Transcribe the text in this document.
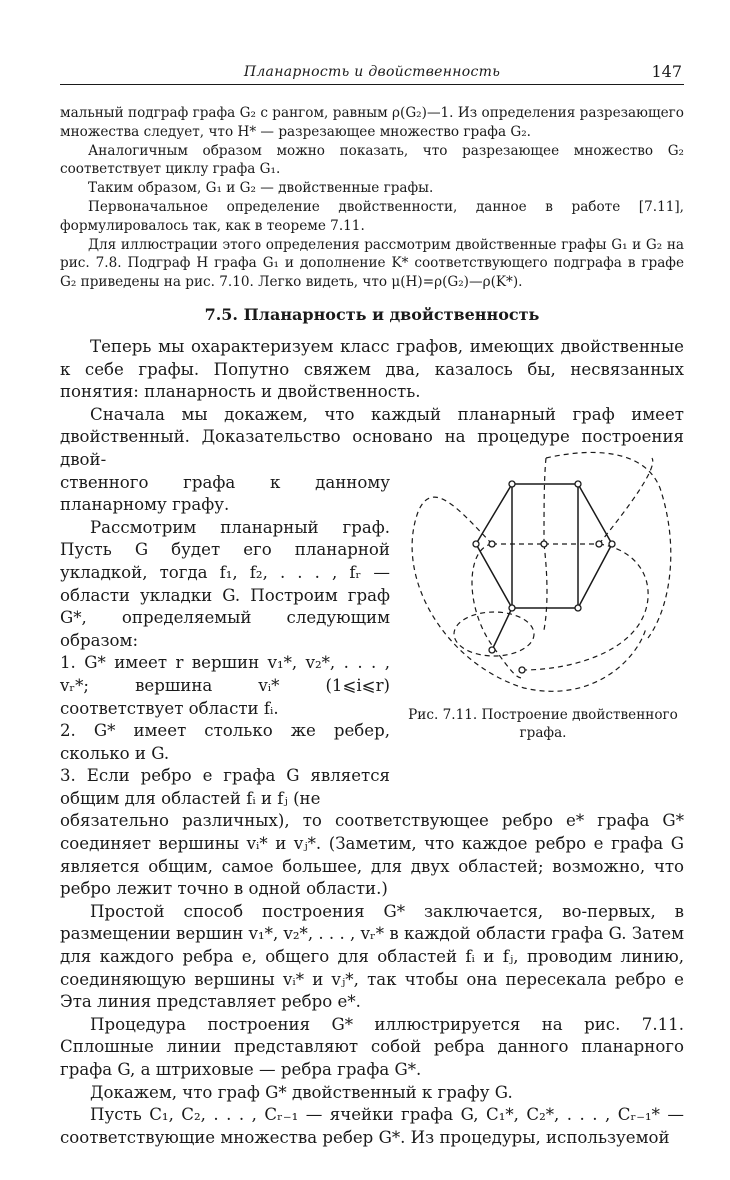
Планарность и двойственность	147

мальный подграф графа G₂ с рангом, равным ρ(G₂)—1. Из определения разрезающего множества следует, что H* — разрезающее множество графа G₂.

Аналогичным образом можно показать, что разрезающее множество G₂ соответствует циклу графа G₁.

Таким образом, G₁ и G₂ — двойственные графы.

Первоначальное определение двойственности, данное в работе [7.11], формулировалось так, как в теореме 7.11.

Для иллюстрации этого определения рассмотрим двойственные графы G₁ и G₂ на рис. 7.8. Подграф H графа G₁ и дополнение K* соответствующего подграфа в графе G₂ приведены на рис. 7.10. Легко видеть, что μ(H)=ρ(G₂)—ρ(K*).

7.5. Планарность и двойственность

Теперь мы охарактеризуем класс графов, имеющих двойственные к себе графы. Попутно свяжем два, казалось бы, несвязанных понятия: планарность и двойственность.

Сначала мы докажем, что каждый планарный граф имеет двойственный. Доказательство основано на процедуре построения двой-

ственного графа к данному планарному графу.

Рассмотрим планарный граф. Пусть G будет его планарной укладкой, тогда f₁, f₂, . . . , fᵣ — области укладки G. Построим граф G*, определяемый следующим образом:

1. G* имеет r вершин v₁*, v₂*, . . . , vᵣ*; вершина vᵢ* (1⩽i⩽r) соответствует области fᵢ.

2. G* имеет столько же ребер, сколько и G.

3. Если ребро e графа G является общим для областей fᵢ и fⱼ (не

обязательно различных), то соответствующее ребро e* графа G* соединяет вершины vᵢ* и vⱼ*. (Заметим, что каждое ребро e графа G является общим, самое большее, для двух областей; возможно, что ребро лежит точно в одной области.)

Простой способ построения G* заключается, во-первых, в размещении вершин v₁*, v₂*, . . . , vᵣ* в каждой области графа G. Затем для каждого ребра e, общего для областей fᵢ и fⱼ, проводим линию, соединяющую вершины vᵢ* и vⱼ*, так чтобы она пересекала ребро e Эта линия представляет ребро e*.

Процедура построения G* иллюстрируется на рис. 7.11. Сплошные линии представляют собой ребра данного планарного графа G, а штриховые — ребра графа G*.

Докажем, что граф G* двойственный к графу G.

Пусть C₁, C₂, . . . , Cᵣ₋₁ — ячейки графа G, C₁*, C₂*, . . . , Cᵣ₋₁* — соответствующие множества ребер G*. Из процедуры, используемой

Рис. 7.11. Построение двойственного графа.
